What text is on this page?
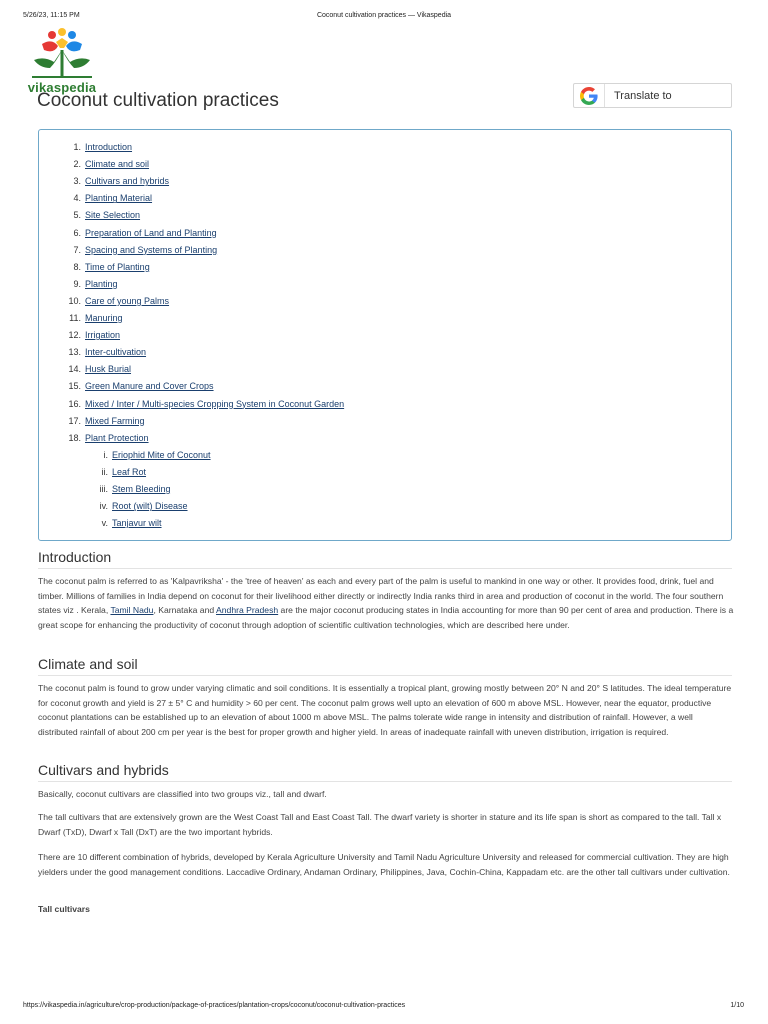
5/26/23, 11:15 PM	Coconut cultivation practices — Vikaspedia
vikaspedia
Coconut cultivation practices	Translate to
1. Introduction
2. Climate and soil
3. Cultivars and hybrids
4. Planting Material
5. Site Selection
6. Preparation of Land and Planting
7. Spacing and Systems of Planting
8. Time of Planting
9. Planting
10. Care of young Palms
11. Manuring
12. Irrigation
13. Inter-cultivation
14. Husk Burial
15. Green Manure and Cover Crops
16. Mixed / Inter / Multi-species Cropping System in Coconut Garden
17. Mixed Farming
18. Plant Protection
i. Eriophid Mite of Coconut
ii. Leaf Rot
iii. Stem Bleeding
iv. Root (wilt) Disease
v. Tanjavur wilt
Introduction

The coconut palm is referred to as 'Kalpavriksha' - the 'tree of heaven' as each and every part of the palm is useful to mankind in one way or other. It provides food, drink, fuel and timber. Millions of families in India depend on coconut for their livelihood either directly or indirectly India ranks third in area and production of coconut in the world. The four southern states viz . Kerala, Tamil Nadu, Karnataka and Andhra Pradesh are the major coconut producing states in India accounting for more than 90 per cent of area and production. There is a great scope for enhancing the productivity of coconut through adoption of scientific cultivation technologies, which are described here under.

Climate and soil

The coconut palm is found to grow under varying climatic and soil conditions. It is essentially a tropical plant, growing mostly between 20° N and 20° S latitudes. The ideal temperature for coconut growth and yield is 27 ± 5° C and humidity > 60 per cent. The coconut palm grows well upto an elevation of 600 m above MSL. However, near the equator, productive coconut plantations can be established up to an elevation of about 1000 m above MSL. The palms tolerate wide range in intensity and distribution of rainfall. However, a well distributed rainfall of about 200 cm per year is the best for proper growth and higher yield. In areas of inadequate rainfall with uneven distribution, irrigation is required.

Cultivars and hybrids

Basically, coconut cultivars are classified into two groups viz., tall and dwarf.

The tall cultivars that are extensively grown are the West Coast Tall and East Coast Tall. The dwarf variety is shorter in stature and its life span is short as compared to the tall. Tall x Dwarf (TxD), Dwarf x Tall (DxT) are the two important hybrids.

There are 10 different combination of hybrids, developed by Kerala Agriculture University and Tamil Nadu Agriculture University and released for commercial cultivation. They are high yielders under the good management conditions. Laccadive Ordinary, Andaman Ordinary, Philippines, Java, Cochin-China, Kappadam etc. are the other tall cultivars under cultivation.

Tall cultivars
https://vikaspedia.in/agriculture/crop-production/package-of-practices/plantation-crops/coconut/coconut-cultivation-practices	1/10
